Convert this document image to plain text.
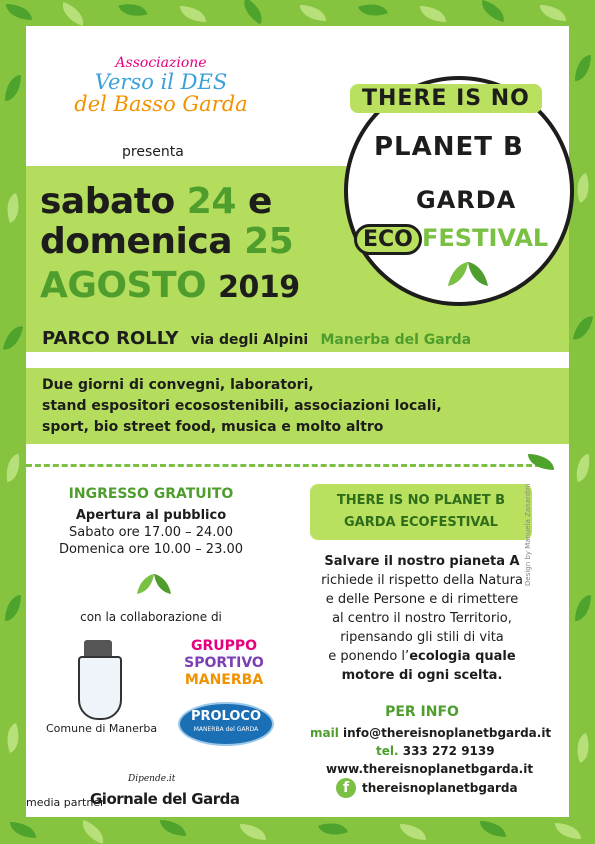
Associazione
Verso il DES
del Basso Garda
presenta
THERE IS NO
PLANET B
GARDA
ECO FESTIVAL
sabato 24 e
domenica 25
AGOSTO 2019
PARCO ROLLY via degli Alpini Manerba del Garda
Due giorni di convegni, laboratori,
stand espositori ecosostenibili, associazioni locali,
sport, bio street food, musica e molto altro
INGRESSO GRATUITO
Apertura al pubblico
Sabato ore 17.00 – 24.00
Domenica ore 10.00 – 23.00
con la collaborazione di
Comune di Manerba
GRUPPO
SPORTIVO
MANERBA
PROLOCO
MANERBA del GARDA
Dipende.it
media partner
Giornale del Garda
THERE IS NO PLANET B
GARDA ECOFESTIVAL
Salvare il nostro pianeta A
richiede il rispetto della Natura
e delle Persone e di rimettere
al centro il nostro Territorio,
ripensando gli stili di vita
e ponendo l’ecologia quale
motore di ogni scelta.
PER INFO
mail info@thereisnoplanetbgarda.it
tel. 333 272 9139
www.thereisnoplanetbgarda.it
f	thereisnoplanetbgarda
Design by Manuela Zanardini
